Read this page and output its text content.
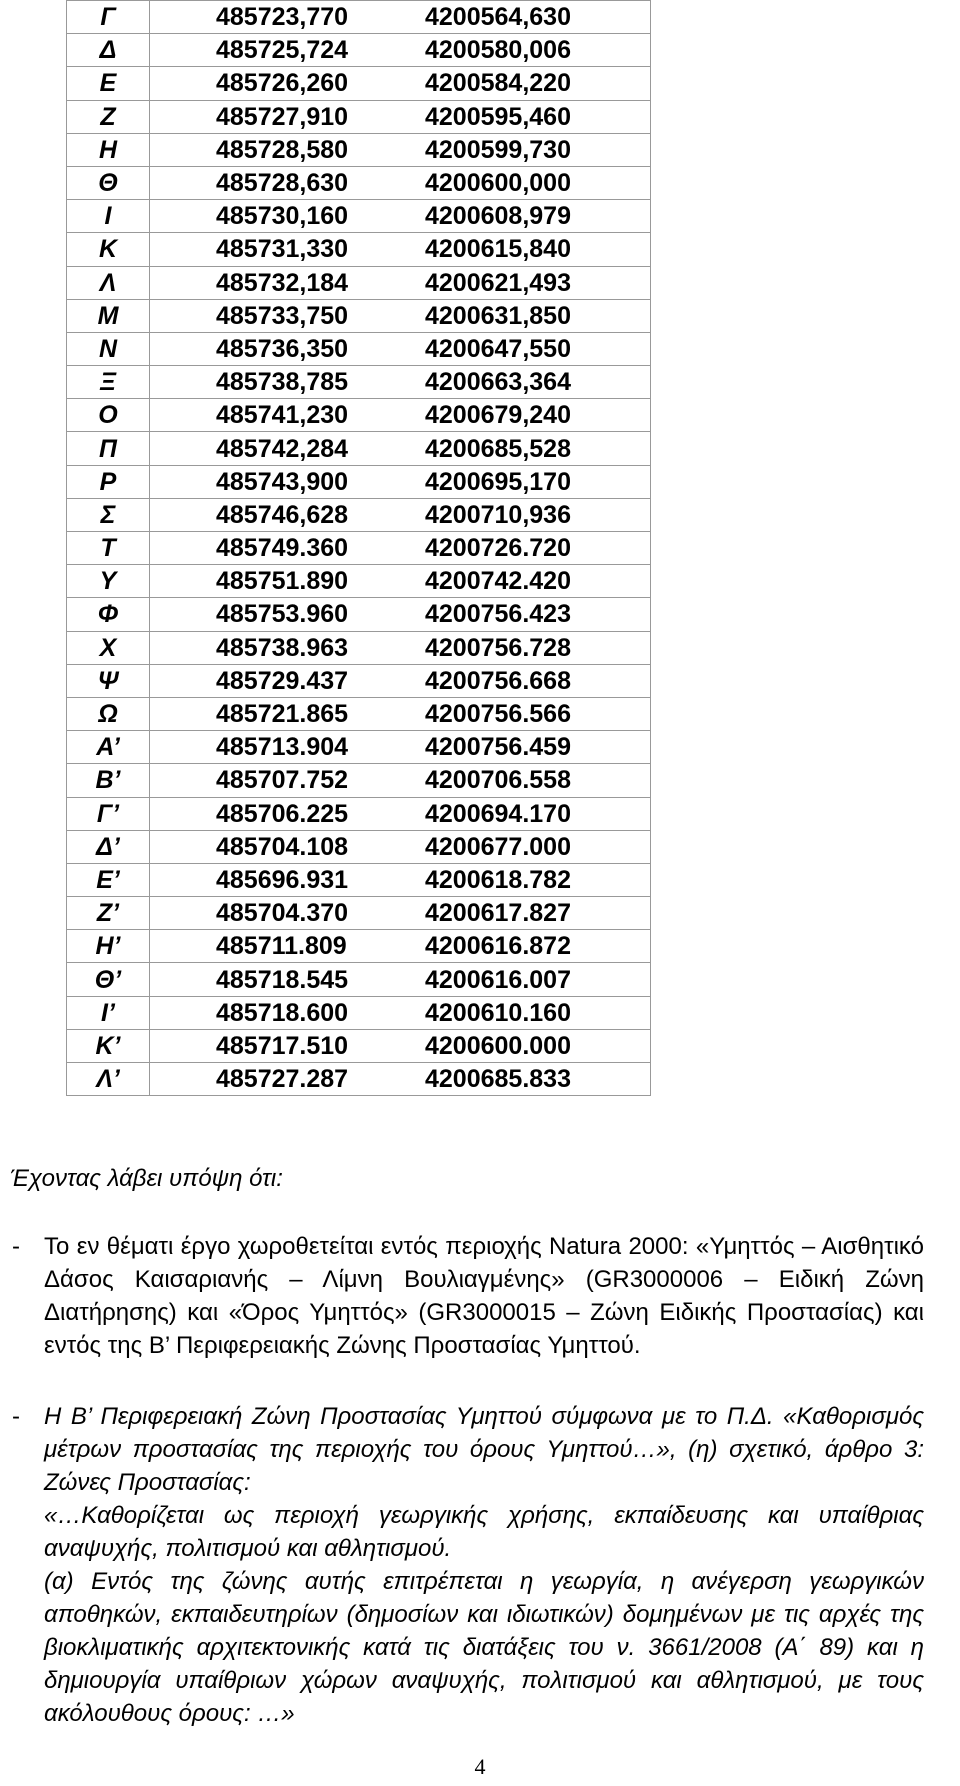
Γ	485723,770	4200564,630
Δ	485725,724	4200580,006
Ε	485726,260	4200584,220
Ζ	485727,910	4200595,460
Η	485728,580	4200599,730
Θ	485728,630	4200600,000
Ι	485730,160	4200608,979
Κ	485731,330	4200615,840
Λ	485732,184	4200621,493
Μ	485733,750	4200631,850
Ν	485736,350	4200647,550
Ξ	485738,785	4200663,364
Ο	485741,230	4200679,240
Π	485742,284	4200685,528
Ρ	485743,900	4200695,170
Σ	485746,628	4200710,936
Τ	485749.360	4200726.720
Υ	485751.890	4200742.420
Φ	485753.960	4200756.423
Χ	485738.963	4200756.728
Ψ	485729.437	4200756.668
Ω	485721.865	4200756.566
Α’	485713.904	4200756.459
Β’	485707.752	4200706.558
Γ’	485706.225	4200694.170
Δ’	485704.108	4200677.000
Ε’	485696.931	4200618.782
Ζ’	485704.370	4200617.827
Η’	485711.809	4200616.872
Θ’	485718.545	4200616.007
Ι’	485718.600	4200610.160
Κ’	485717.510	4200600.000
Λ’	485727.287	4200685.833
Έχοντας λάβει υπόψη ότι:
- Το εν θέματι έργο χωροθετείται εντός περιοχής Natura 2000: «Υμηττός – Αισθητικό Δάσος Καισαριανής – Λίμνη Βουλιαγμένης» (GR3000006 – Ειδική Ζώνη Διατήρησης) και «Όρος Υμηττός» (GR3000015 – Ζώνη Ειδικής Προστασίας) και εντός της Β’ Περιφερειακής Ζώνης Προστασίας Υμηττού.

- Η Β’ Περιφερειακή Ζώνη Προστασίας Υμηττού σύμφωνα με το Π.Δ. «Καθορισμός μέτρων προστασίας της περιοχής του όρους Υμηττού…», (η) σχετικό, άρθρο 3: Ζώνες Προστασίας:

«…Καθορίζεται ως περιοχή γεωργικής χρήσης, εκπαίδευσης και υπαίθριας αναψυχής, πολιτισμού και αθλητισμού.

(α) Εντός της ζώνης αυτής επιτρέπεται η γεωργία, η ανέγερση γεωργικών αποθηκών, εκπαιδευτηρίων (δημοσίων και ιδιωτικών) δομημένων με τις αρχές της βιοκλιματικής αρχιτεκτονικής κατά τις διατάξεις του ν. 3661/2008 (Α΄ 89) και η δημιουργία υπαίθριων χώρων αναψυχής, πολιτισμού και αθλητισμού, με τους ακόλουθους όρους: …»

4
